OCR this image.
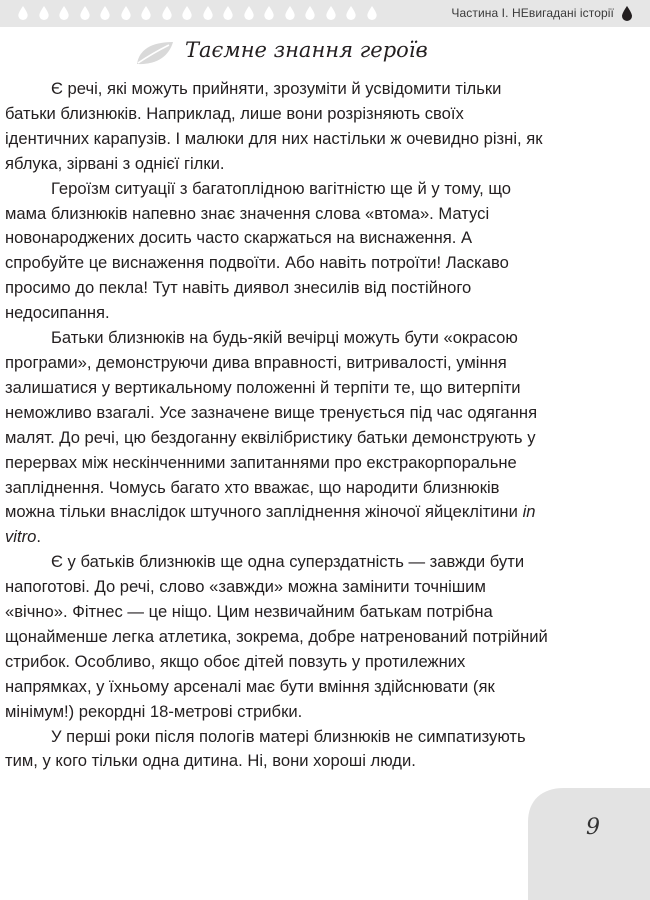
Частина І. НЕвигадані історії
Таємне знання героїв

Є речі, які можуть прийняти, зрозуміти й усвідомити тільки батьки близнюків. Наприклад, лише вони розрізняють своїх ідентичних карапузів. І малюки для них настільки ж очевидно різні, як яблука, зірвані з однієї гілки.

Героїзм ситуації з багатоплідною вагітністю ще й у тому, що мама близнюків напевно знає значення слова «втома». Матусі новонароджених досить часто скаржаться на виснаження. А спробуйте це виснаження подвоїти. Або навіть потроїти! Ласкаво просимо до пекла! Тут навіть диявол знесилів від постійного недосипання.

Батьки близнюків на будь-якій вечірці можуть бути «окрасою програми», демонструючи дива вправності, витривалості, уміння залишатися у вертикальному положенні й терпіти те, що витерпіти неможливо взагалі. Усе зазначене вище тренується під час одягання малят. До речі, цю бездоганну еквілібристику батьки демонструють у перервах між нескінченними запитаннями про екстракорпоральне запліднення. Чомусь багато хто вважає, що народити близнюків можна тільки внаслідок штучного запліднення жіночої яйцеклітини in vitro.

Є у батьків близнюків ще одна суперздатність — завжди бути напоготові. До речі, слово «завжди» можна замінити точнішим «вічно». Фітнес — це ніщо. Цим незвичайним батькам потрібна щонайменше легка атлетика, зокрема, добре натренований потрійний стрибок. Особливо, якщо обоє дітей повзуть у протилежних напрямках, у їхньому арсеналі має бути вміння здійснювати (як мінімум!) рекордні 18-метрові стрибки.

У перші роки після пологів матері близнюків не симпатизують тим, у кого тільки одна дитина. Ні, вони хороші люди.

9
